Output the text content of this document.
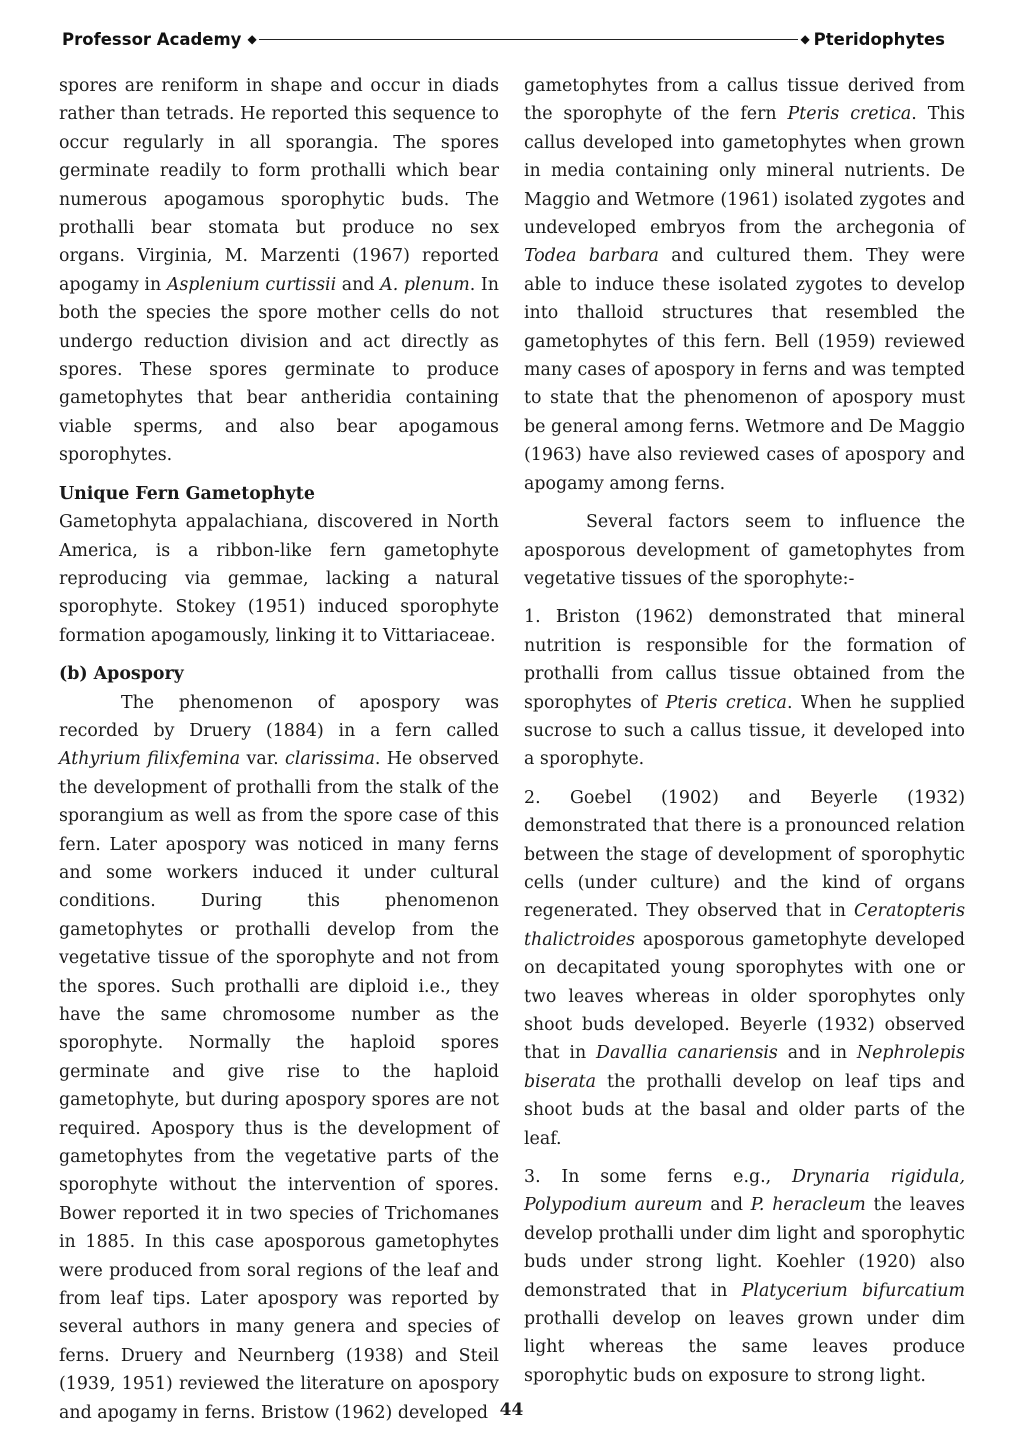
Professor Academy ◆	◆ Pteridophytes

spores are reniform in shape and occur in diads rather than tetrads. He reported this sequence to occur regularly in all sporangia. The spores germinate readily to form prothalli which bear numerous apogamous sporophytic buds. The prothalli bear stomata but produce no sex organs. Virginia, M. Marzenti (1967) reported apogamy in Asplenium curtissii and A. plenum. In both the species the spore mother cells do not undergo reduction division and act directly as spores. These spores germinate to produce gametophytes that bear antheridia containing viable sperms, and also bear apogamous sporophytes.

Unique Fern Gametophyte

Gametophyta appalachiana, discovered in North America, is a ribbon-like fern gametophyte reproducing via gemmae, lacking a natural sporophyte. Stokey (1951) induced sporophyte formation apogamously, linking it to Vittariaceae.

(b) Apospory

The phenomenon of apospory was recorded by Druery (1884) in a fern called Athyrium filixfemina var. clarissima. He observed the development of prothalli from the stalk of the sporangium as well as from the spore case of this fern. Later apospory was noticed in many ferns and some workers induced it under cultural conditions. During this phenomenon gametophytes or prothalli develop from the vegetative tissue of the sporophyte and not from the spores. Such prothalli are diploid i.e., they have the same chromosome number as the sporophyte. Normally the haploid spores germinate and give rise to the haploid gametophyte, but during apospory spores are not required. Apospory thus is the development of gametophytes from the vegetative parts of the sporophyte without the intervention of spores. Bower reported it in two species of Trichomanes in 1885. In this case aposporous gametophytes were produced from soral regions of the leaf and from leaf tips. Later apospory was reported by several authors in many genera and species of ferns. Druery and Neurnberg (1938) and Steil (1939, 1951) reviewed the literature on apospory and apogamy in ferns. Bristow (1962) developed

gametophytes from a callus tissue derived from the sporophyte of the fern Pteris cretica. This callus developed into gametophytes when grown in media containing only mineral nutrients. De Maggio and Wetmore (1961) isolated zygotes and undeveloped embryos from the archegonia of Todea barbara and cultured them. They were able to induce these isolated zygotes to develop into thalloid structures that resembled the gametophytes of this fern. Bell (1959) reviewed many cases of apospory in ferns and was tempted to state that the phenomenon of apospory must be general among ferns. Wetmore and De Maggio (1963) have also reviewed cases of apospory and apogamy among ferns.

Several factors seem to influence the aposporous development of gametophytes from vegetative tissues of the sporophyte:-

1. Briston (1962) demonstrated that mineral nutrition is responsible for the formation of prothalli from callus tissue obtained from the sporophytes of Pteris cretica. When he supplied sucrose to such a callus tissue, it developed into a sporophyte.

2. Goebel (1902) and Beyerle (1932) demonstrated that there is a pronounced relation between the stage of development of sporophytic cells (under culture) and the kind of organs regenerated. They observed that in Ceratopteris thalictroides aposporous gametophyte developed on decapitated young sporophytes with one or two leaves whereas in older sporophytes only shoot buds developed. Beyerle (1932) observed that in Davallia canariensis and in Nephrolepis biserata the prothalli develop on leaf tips and shoot buds at the basal and older parts of the leaf.

3. In some ferns e.g., Drynaria rigidula, Polypodium aureum and P. heracleum the leaves develop prothalli under dim light and sporophytic buds under strong light. Koehler (1920) also demonstrated that in Platycerium bifurcatium prothalli develop on leaves grown under dim light whereas the same leaves produce sporophytic buds on exposure to strong light.

44
